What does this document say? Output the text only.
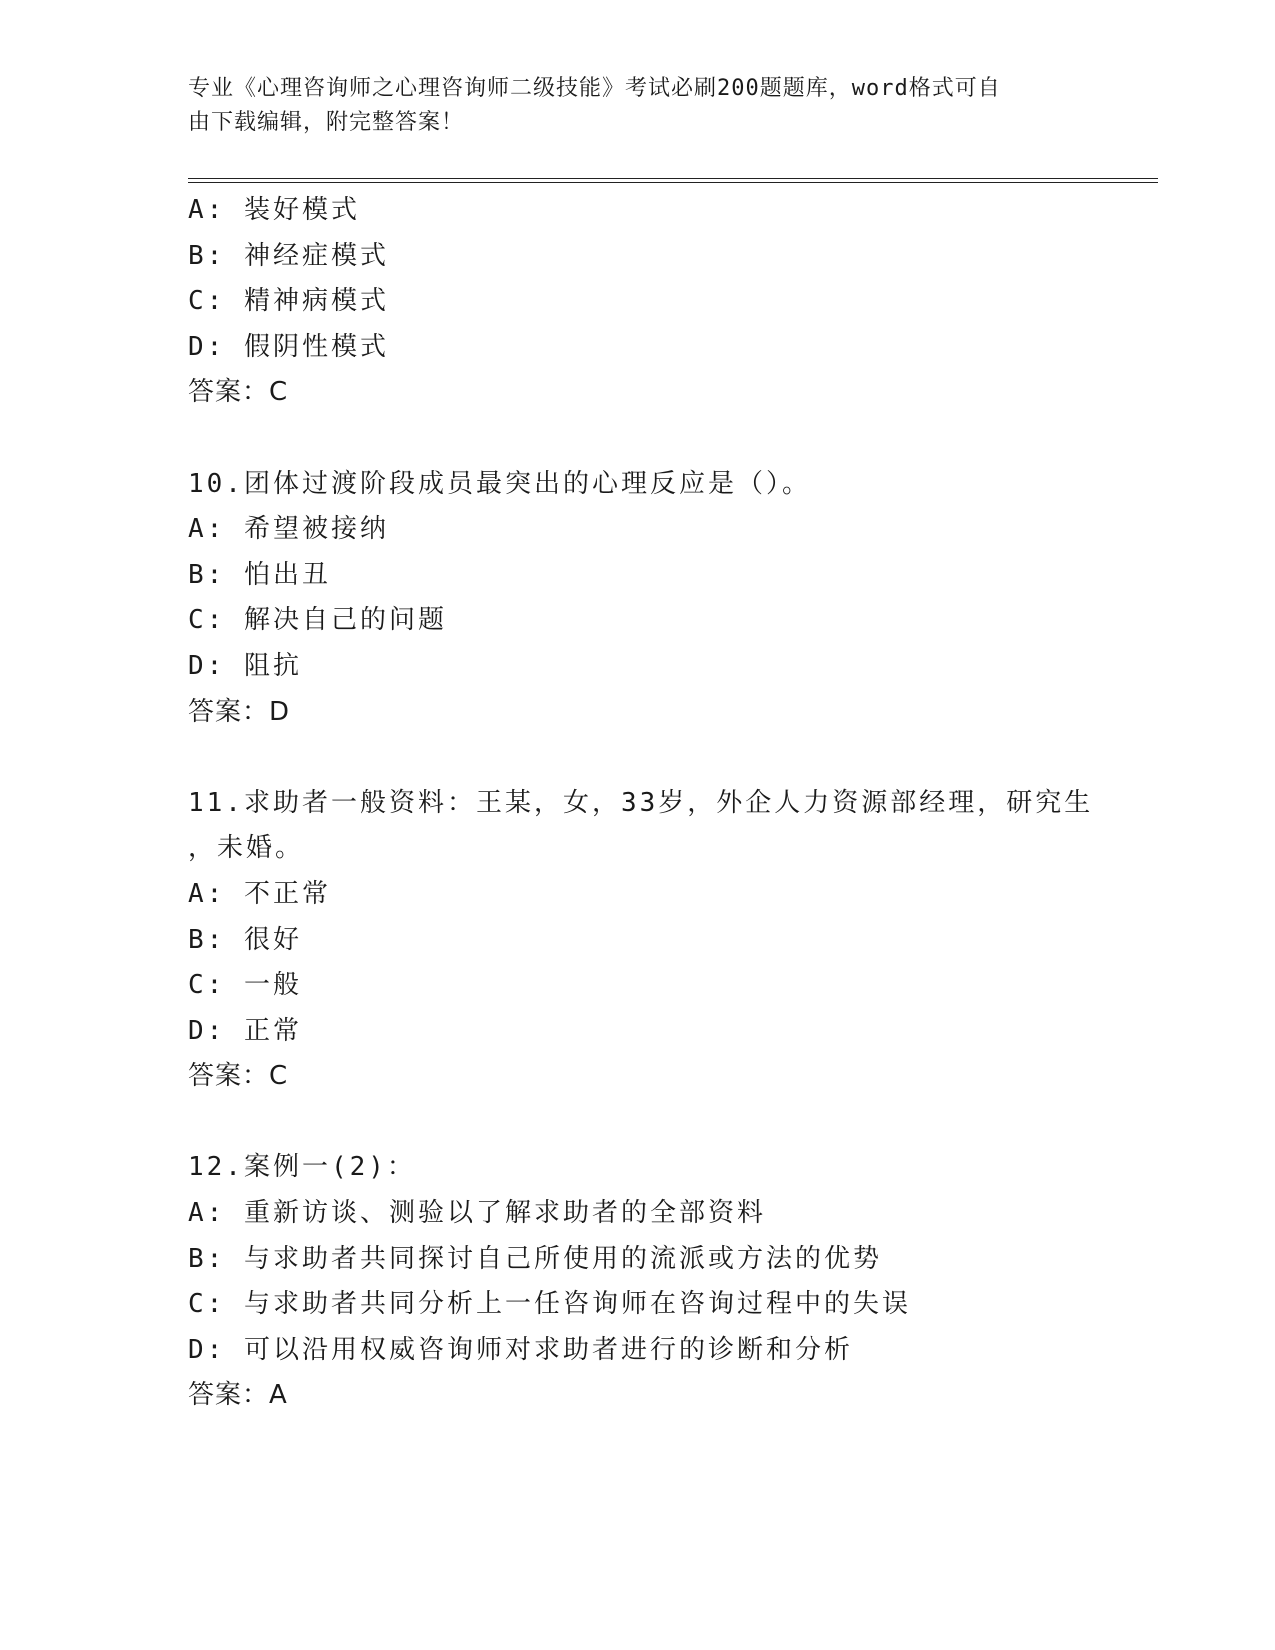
专业《心理咨询师之心理咨询师二级技能》考试必刷200题题库，word格式可自
由下载编辑，附完整答案！
A: 装好模式
B: 神经症模式
C: 精神病模式
D: 假阴性模式
答案：C
10.团体过渡阶段成员最突出的心理反应是（）。
A: 希望被接纳
B: 怕出丑
C: 解决自己的问题
D: 阻抗
答案：D
11.求助者一般资料：王某，女，33岁，外企人力资源部经理，研究生
，未婚。
A: 不正常
B: 很好
C: 一般
D: 正常
答案：C
12.案例一(2)：
A: 重新访谈、测验以了解求助者的全部资料
B: 与求助者共同探讨自己所使用的流派或方法的优势
C: 与求助者共同分析上一任咨询师在咨询过程中的失误
D: 可以沿用权威咨询师对求助者进行的诊断和分析
答案：A
